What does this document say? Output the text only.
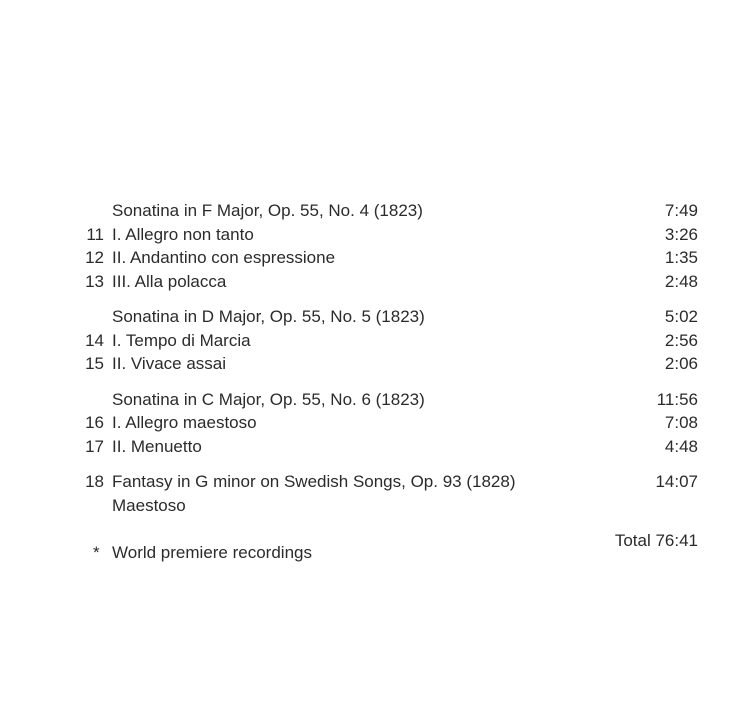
Sonatina in F Major, Op. 55, No. 4 (1823)	7:49
11 I. Allegro non tanto	3:26
12 II. Andantino con espressione	1:35
13 III. Alla polacca	2:48
Sonatina in D Major, Op. 55, No. 5 (1823)	5:02
14 I. Tempo di Marcia	2:56
15 II. Vivace assai	2:06
Sonatina in C Major, Op. 55, No. 6 (1823)	11:56
16 I. Allegro maestoso	7:08
17 II. Menuetto	4:48
18 Fantasy in G minor on Swedish Songs, Op. 93 (1828)	14:07
Maestoso
* World premiere recordings
Total 76:41
